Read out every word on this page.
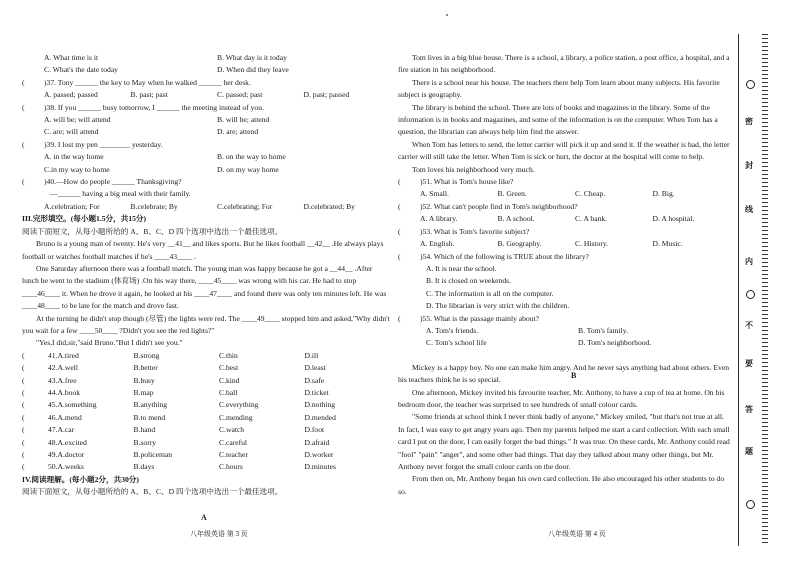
A. What time is it	B. What day is it today
C. What's the date today	D. When did they leave
(	)37. Tony ______ the key to May when he walked ______ her desk.
A. passed; passed	B. past; past	C. passed; past	D. past; passed
(	)38. If you ______ busy tomorrow, I ______ the meeting instead of you.
A. will be; will attend	B. will be; attend
C. are; will attend	D. are; attend
(	)39. I lost my pen ________ yesterday.
A. in the way home	B. on the way to home
C.in my way to home	D. on my way home
(	)40.—How do people ______ Thanksgiving?
—______ having a big meal with their family.
A.celebration; For	B.celebrate; By	C.celebrating; For	D.celebrated; By
III.完形填空。(每小题1.5分，共15分)
阅读下面短文，从每小题所给的 A、B、C、D 四个选项中选出一个最佳选项。
Bruno is a young man of twenty. He's very __41__ and likes sports. But he likes football __42__ .He always plays football or watches football matches if he's ____43____ .
One Saturday afternoon there was a football match. The young man was happy because he got a __44__ .After lunch he went to the stadium (体育场) .On his way there, ____45____ was wrong with his car. He had to stop ____46____ it. When he drove it again, he looked at his ____47____ and found there was only ten minutes left. He was ____48____ to be late for the match and drove fast.
At the turning he didn't stop though (尽管) the lights were red. The ____49____ stopped him and asked,"Why didn't you wait for a few ____50____ ?Didn't you see the red lights?"
"Yes,I did,sir,"said Bruno."But I didn't see you."
(	41.A.tired	B.strong	C.thin	D.ill
(	42.A.well	B.better	C.best	D.least
(	43.A.free	B.busy	C.kind	D.safe
(	44.A.book	B.map	C.ball	D.ticket
(	45.A.something	B.anything	C.everything	D.nothing
(	46.A.mend	B.to mend	C.mending	D.mended
(	47.A.car	B.hand	C.watch	D.foot
(	48.A.excited	B.sorry	C.careful	D.afraid
(	49.A.doctor	B.policeman	C.teacher	D.worker
(	50.A.weeks	B.days	C.hours	D.minutes
IV.阅读理解。(每小题2分，共30分)
阅读下面短文，从每小题所给的 A、B、C、D 四个选项中选出一个最佳选项。
A
八年级英语 第 3 页
Tom lives in a big blue house. There is a school, a library, a police station, a post office, a hospital, and a fire station in his neighborhood.
There is a school near his house. The teachers there help Tom learn about many subjects. His favorite subject is geography.
The library is behind the school. There are lots of books and magazines in the library. Some of the information is in books and magazines, and some of the information is on the computer. When Tom has a question, the librarian can always help him find the answer.
When Tom has letters to send, the letter carrier will pick it up and send it. If the weather is bad, the letter carrier will still take the letter. When Tom is sick or hurt, the doctor at the hospital will come to help.
Tom loves his neighborhood very much.
(	)51. What is Tom's house like?
A. Small.	B. Green.	C. Cheap.	D. Big.
(	)52. What can't people find in Tom's neighborhood?
A. A library.	B. A school.	C. A bank.	D. A hospital.
(	)53. What is Tom's favorite subject?
A. English.	B. Geography.	C. History.	D. Music.
(	)54. Which of the following is TRUE about the library?
A. It is near the school.
B. It is closed on weekends.
C. The information is all on the computer.
D. The librarian is very strict with the children.
(	)55. What is the passage mainly about?
A. Tom's friends.	B. Tom's family.
C. Tom's school life	D. Tom's neighborhood.
Mickey is a happy boy. No one can make him angry. And he never says anything bad about others. Even his teachers think he is so special.
One afternoon, Mickey invited his favourite teacher, Mr. Anthony, to have a cup of tea at home. On his bedroom door, the teacher was surprised to see hundreds of small colour cards.
"Some friends at school think I never think badly of anyone," Mickey smiled, "but that's not true at all. In fact, I was easy to get angry years ago. Then my parents helped me start a card collection. With each small card I put on the door, I can easily forget the bad things." It was true. On these cards, Mr. Anthony could read "fool" "pain" "anger", and some other bad things. That day they talked about many other things, but Mr. Anthony never forgot the small colour cards on the door.
From then on, Mr. Anthony began his own card collection. He also encouraged his other students to do so.
B
八年级英语 第 4 页
密
封
线
内
不
要
答
题
